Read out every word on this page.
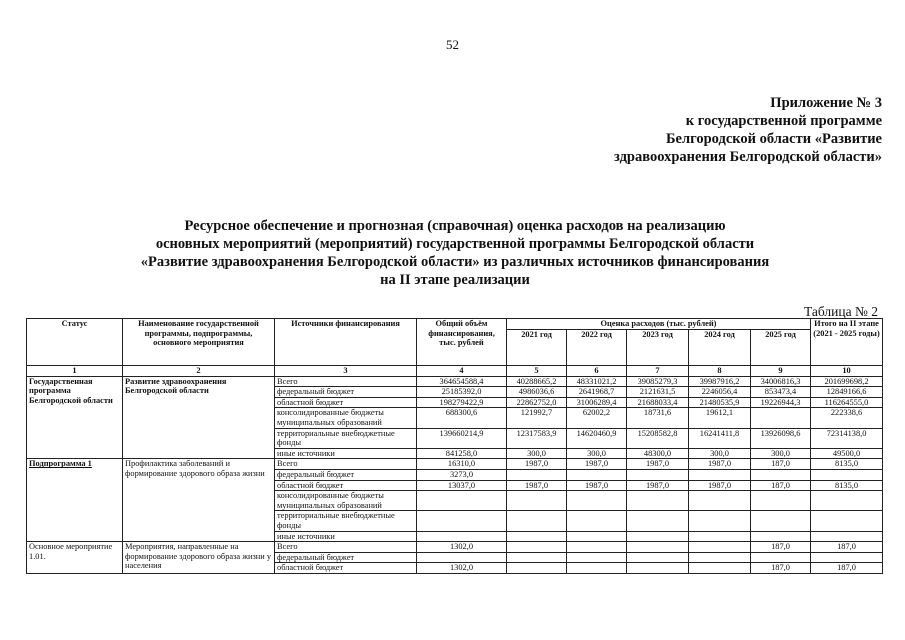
52
Приложение № 3
к государственной программе
Белгородской области «Развитие
здравоохранения Белгородской области»
Ресурсное обеспечение и прогнозная (справочная) оценка расходов на реализацию
основных мероприятий (мероприятий) государственной программы Белгородской области
«Развитие здравоохранения Белгородской области» из различных источников финансирования
на II этапе реализации
Таблица № 2
Статус	Наименование государственной программы, подпрограммы, основного мероприятия	Источники финансирования	Общий объём финансирования, тыс. рублей	Оценка расходов (тыс. рублей)					Итого на II этапе (2021 - 2025 годы)
				2021 год	2022 год	2023 год	2024 год	2025 год	
1	2	3	4	5	6	7	8	9	10
Государственная программа Белгородской области	Развитие здравоохранения Белгородской области	Всего	364654588,4	40288665,2	48331021,2	39085279,3	39987916,2	34006816,3	201699698,2
		федеральный бюджет	25185392,0	4986036,6	2641968,7	2121631,5	2246056,4	853473,4	12849166,6
		областной бюджет	198279422,9	22862752,0	31006289,4	21688033,4	21480535,9	19226944,3	116264555,0
		консолидированные бюджеты муниципальных образований	688300,6	121992,7	62002,2	18731,6	19612,1		222338,6
		территориальные внебюджетные фонды	139660214,9	12317583,9	14620460,9	15208582,8	16241411,8	13926098,6	72314138,0
		иные источники	841258,0	300,0	300,0	48300,0	300,0	300,0	49500,0
Подпрограмма 1	Профилактика заболеваний и формирование здорового образа жизни	Всего	16310,0	1987,0	1987,0	1987,0	1987,0	187,0	8135,0
		федеральный бюджет	3273,0						
		областной бюджет	13037,0	1987,0	1987,0	1987,0	1987,0	187,0	8135,0
		консолидированные бюджеты муниципальных образований							
		территориальные внебюджетные фонды							
		иные источники							
Основное мероприятие 1.01.	Мероприятия, направленные на формирование здорового образа жизни у населения	Всего	1302,0					187,0	187,0
		федеральный бюджет							
		областной бюджет	1302,0					187,0	187,0
